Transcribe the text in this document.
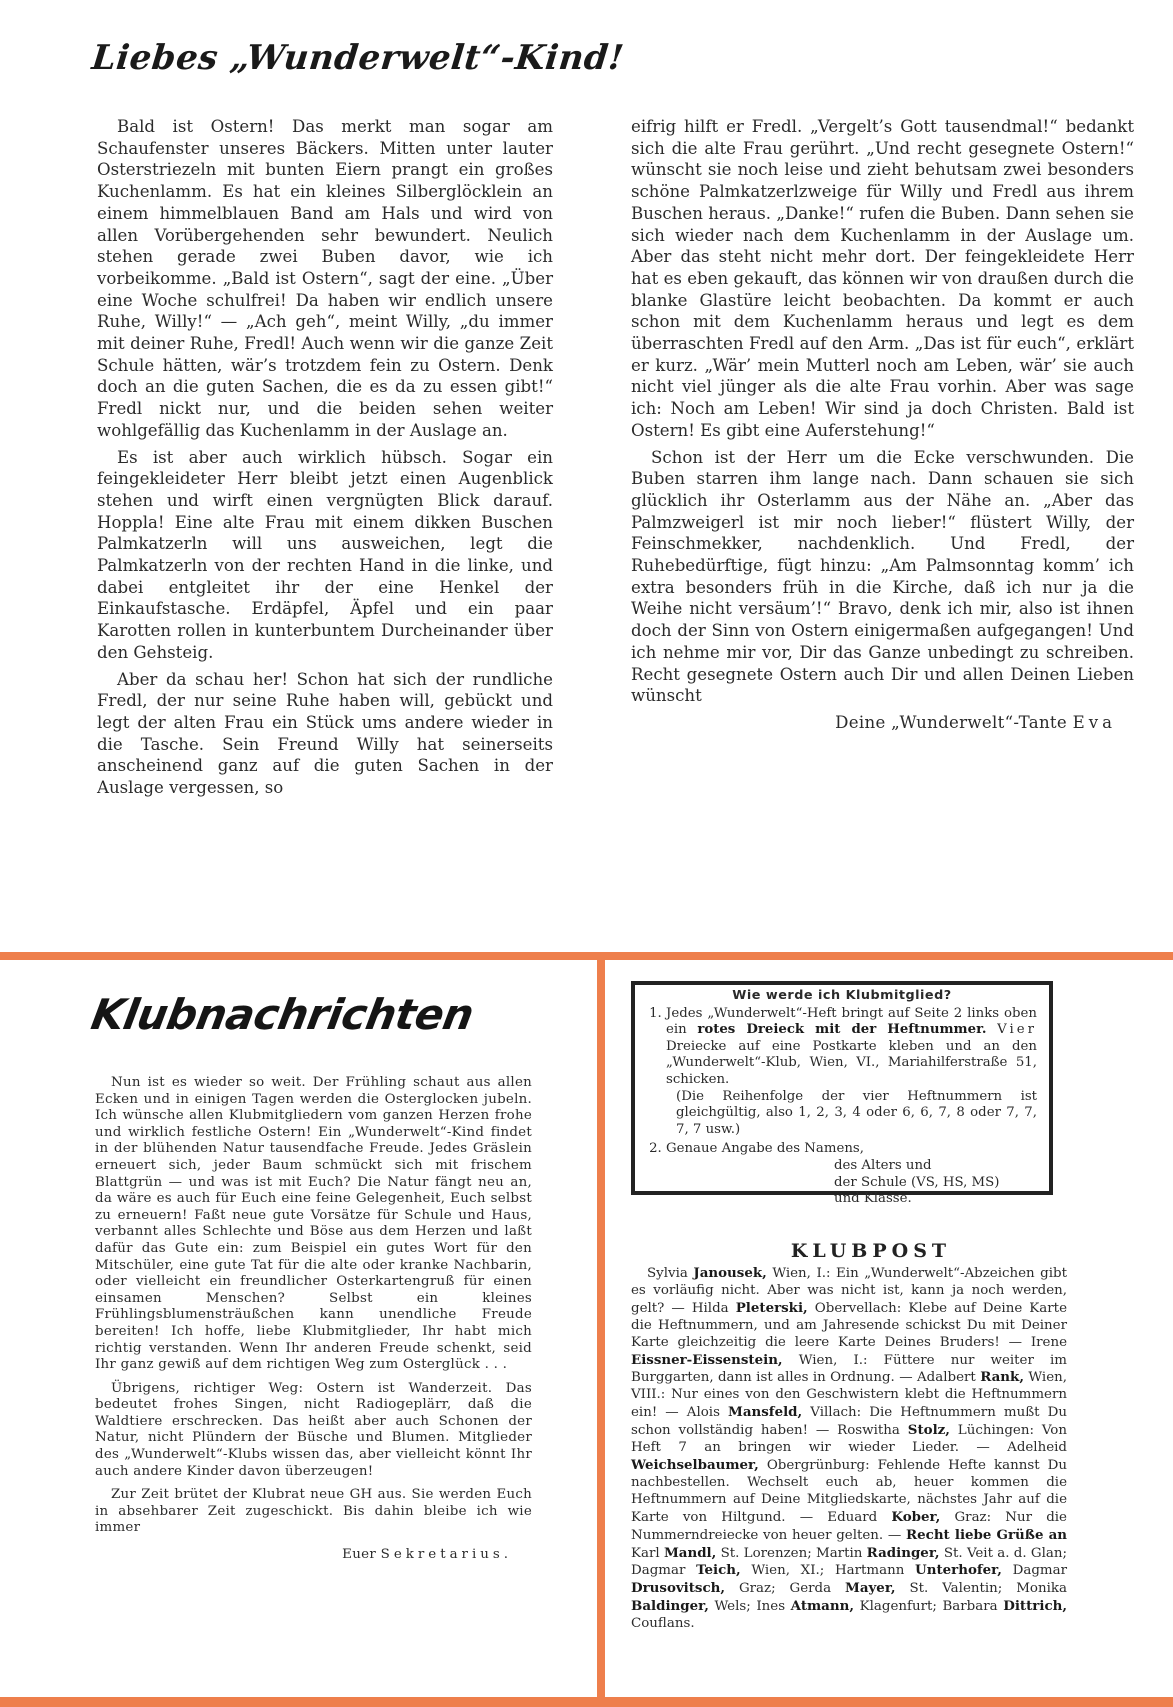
Liebes „Wunderwelt“-Kind!

Bald ist Ostern! Das merkt man sogar am Schaufenster unseres Bäckers. Mitten unter lauter Osterstriezeln mit bunten Eiern prangt ein großes Kuchenlamm. Es hat ein kleines Silberglöcklein an einem himmelblauen Band am Hals und wird von allen Vorübergehenden sehr bewundert. Neulich stehen gerade zwei Buben davor, wie ich vorbeikomme. „Bald ist Ostern“, sagt der eine. „Über eine Woche schulfrei! Da haben wir endlich unsere Ruhe, Willy!“ — „Ach geh“, meint Willy, „du immer mit deiner Ruhe, Fredl! Auch wenn wir die ganze Zeit Schule hätten, wär’s trotzdem fein zu Ostern. Denk doch an die guten Sachen, die es da zu essen gibt!“ Fredl nickt nur, und die beiden sehen weiter wohlgefällig das Kuchenlamm in der Auslage an.

Es ist aber auch wirklich hübsch. Sogar ein feingekleideter Herr bleibt jetzt einen Augenblick stehen und wirft einen vergnügten Blick darauf. Hoppla! Eine alte Frau mit einem dikken Buschen Palmkatzerln will uns ausweichen, legt die Palmkatzerln von der rechten Hand in die linke, und dabei entgleitet ihr der eine Henkel der Einkaufstasche. Erdäpfel, Äpfel und ein paar Karotten rollen in kunterbuntem Durcheinander über den Gehsteig.

Aber da schau her! Schon hat sich der rundliche Fredl, der nur seine Ruhe haben will, gebückt und legt der alten Frau ein Stück ums andere wieder in die Tasche. Sein Freund Willy hat seinerseits anscheinend ganz auf die guten Sachen in der Auslage vergessen, so

eifrig hilft er Fredl. „Vergelt’s Gott tausendmal!“ bedankt sich die alte Frau gerührt. „Und recht gesegnete Ostern!“ wünscht sie noch leise und zieht behutsam zwei besonders schöne Palmkatzerlzweige für Willy und Fredl aus ihrem Buschen heraus. „Danke!“ rufen die Buben. Dann sehen sie sich wieder nach dem Kuchenlamm in der Auslage um. Aber das steht nicht mehr dort. Der feingekleidete Herr hat es eben gekauft, das können wir von draußen durch die blanke Glastüre leicht beobachten. Da kommt er auch schon mit dem Kuchenlamm heraus und legt es dem überraschten Fredl auf den Arm. „Das ist für euch“, erklärt er kurz. „Wär’ mein Mutterl noch am Leben, wär’ sie auch nicht viel jünger als die alte Frau vorhin. Aber was sage ich: Noch am Leben! Wir sind ja doch Christen. Bald ist Ostern! Es gibt eine Auferstehung!“

Schon ist der Herr um die Ecke verschwunden. Die Buben starren ihm lange nach. Dann schauen sie sich glücklich ihr Osterlamm aus der Nähe an. „Aber das Palmzweigerl ist mir noch lieber!“ flüstert Willy, der Feinschmekker, nachdenklich. Und Fredl, der Ruhebedürftige, fügt hinzu: „Am Palmsonntag komm’ ich extra besonders früh in die Kirche, daß ich nur ja die Weihe nicht versäum’!“ Bravo, denk ich mir, also ist ihnen doch der Sinn von Ostern einigermaßen aufgegangen! Und ich nehme mir vor, Dir das Ganze unbedingt zu schreiben. Recht gesegnete Ostern auch Dir und allen Deinen Lieben wünscht

Deine „Wunderwelt“-Tante Eva
Klubnachrichten

Nun ist es wieder so weit. Der Frühling schaut aus allen Ecken und in einigen Tagen werden die Osterglocken jubeln. Ich wünsche allen Klubmitgliedern vom ganzen Herzen frohe und wirklich festliche Ostern! Ein „Wunderwelt“-Kind findet in der blühenden Natur tausendfache Freude. Jedes Gräslein erneuert sich, jeder Baum schmückt sich mit frischem Blattgrün — und was ist mit Euch? Die Natur fängt neu an, da wäre es auch für Euch eine feine Gelegenheit, Euch selbst zu erneuern! Faßt neue gute Vorsätze für Schule und Haus, verbannt alles Schlechte und Böse aus dem Herzen und laßt dafür das Gute ein: zum Beispiel ein gutes Wort für den Mitschüler, eine gute Tat für die alte oder kranke Nachbarin, oder vielleicht ein freundlicher Osterkartengruß für einen einsamen Menschen? Selbst ein kleines Frühlingsblumensträußchen kann unendliche Freude bereiten! Ich hoffe, liebe Klubmitglieder, Ihr habt mich richtig verstanden. Wenn Ihr anderen Freude schenkt, seid Ihr ganz gewiß auf dem richtigen Weg zum Osterglück . . .

Übrigens, richtiger Weg: Ostern ist Wanderzeit. Das bedeutet frohes Singen, nicht Radiogeplärr, daß die Waldtiere erschrecken. Das heißt aber auch Schonen der Natur, nicht Plündern der Büsche und Blumen. Mitglieder des „Wunderwelt“-Klubs wissen das, aber vielleicht könnt Ihr auch andere Kinder davon überzeugen!

Zur Zeit brütet der Klubrat neue GH aus. Sie werden Euch in absehbarer Zeit zugeschickt. Bis dahin bleibe ich wie immer

Euer Sekretarius.
Wie werde ich Klubmitglied?
1. Jedes „Wunderwelt“-Heft bringt auf Seite 2 links oben ein rotes Dreieck mit der Heftnummer. Vier Dreiecke auf eine Postkarte kleben und an den „Wunderwelt“-Klub, Wien, VI., Mariahilferstraße 51, schicken.
(Die Reihenfolge der vier Heftnummern ist gleichgültig, also 1, 2, 3, 4 oder 6, 6, 7, 8 oder 7, 7, 7, 7 usw.)
2. Genaue Angabe des Namens,
des Alters und
der Schule (VS, HS, MS)
und Klasse.
KLUBPOST

Sylvia Janousek, Wien, I.: Ein „Wunderwelt“-Abzeichen gibt es vorläufig nicht. Aber was nicht ist, kann ja noch werden, gelt? — Hilda Pleterski, Obervellach: Klebe auf Deine Karte die Heftnummern, und am Jahresende schickst Du mit Deiner Karte gleichzeitig die leere Karte Deines Bruders! — Irene Eissner-Eissenstein, Wien, I.: Füttere nur weiter im Burggarten, dann ist alles in Ordnung. — Adalbert Rank, Wien, VIII.: Nur eines von den Geschwistern klebt die Heftnummern ein! — Alois Mansfeld, Villach: Die Heftnummern mußt Du schon vollständig haben! — Roswitha Stolz, Lüchingen: Von Heft 7 an bringen wir wieder Lieder. — Adelheid Weichselbaumer, Obergrünburg: Fehlende Hefte kannst Du nachbestellen. Wechselt euch ab, heuer kommen die Heftnummern auf Deine Mitgliedskarte, nächstes Jahr auf die Karte von Hiltgund. — Eduard Kober, Graz: Nur die Nummerndreiecke von heuer gelten. — Recht liebe Grüße an Karl Mandl, St. Lorenzen; Martin Radinger, St. Veit a. d. Glan; Dagmar Teich, Wien, XI.; Hartmann Unterhofer, Dagmar Drusovitsch, Graz; Gerda Mayer, St. Valentin; Monika Baldinger, Wels; Ines Atmann, Klagenfurt; Barbara Dittrich, Couflans.
